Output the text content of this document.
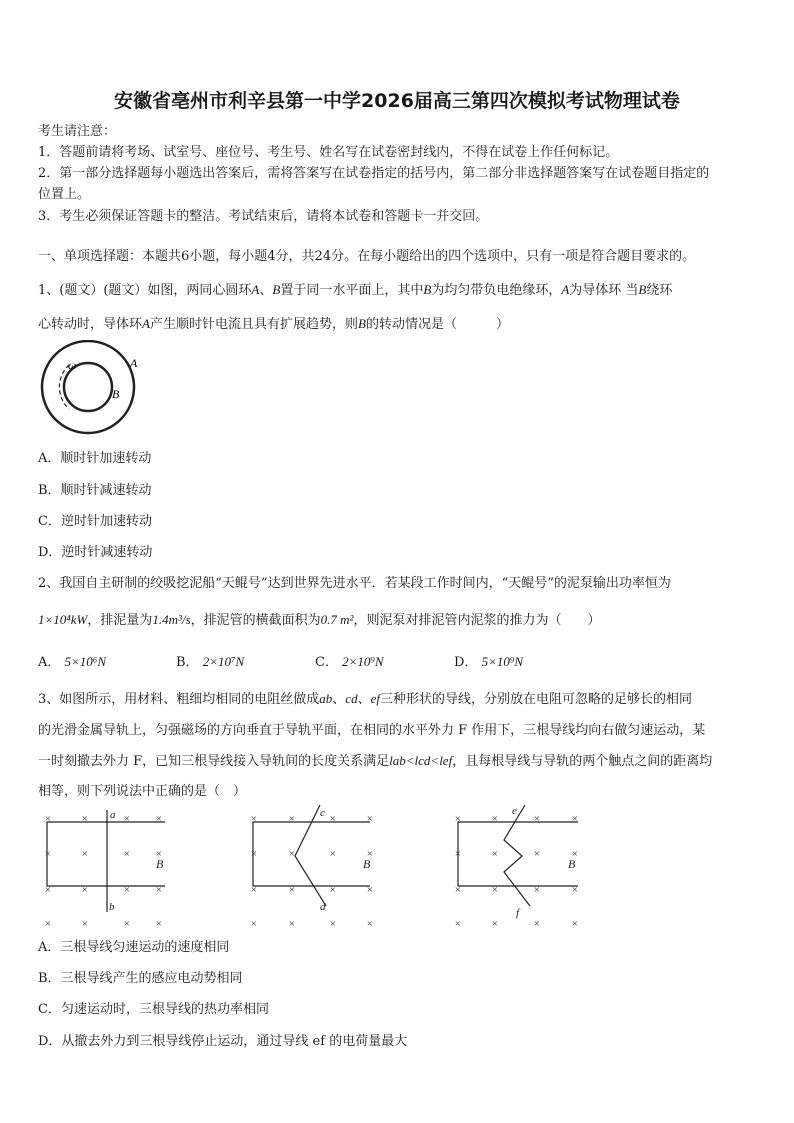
安徽省亳州市利辛县第一中学2026届高三第四次模拟考试物理试卷
考生请注意：
1．答题前请将考场、试室号、座位号、考生号、姓名写在试卷密封线内，不得在试卷上作任何标记。
2．第一部分选择题每小题选出答案后，需将答案写在试卷指定的括号内，第二部分非选择题答案写在试卷题目指定的
位置上。
3．考生必须保证答题卡的整洁。考试结束后，请将本试卷和答题卡一并交回。
一、单项选择题：本题共6小题，每小题4分，共24分。在每小题给出的四个选项中，只有一项是符合题目要求的。
1、(题文）(题文）如图，两同心圆环A、B置于同一水平面上，其中B为均匀带负电绝缘环，A为导体环 当B绕环
心转动时，导体环A产生顺时针电流且具有扩展趋势，则B的转动情况是（　　　）
ω	A
B
A．顺时针加速转动
B．顺时针减速转动
C．逆时针加速转动
D．逆时针减速转动
2、我国自主研制的绞吸挖泥船“天鲲号”达到世界先进水平．若某段工作时间内，“天鲲号”的泥泵输出功率恒为
1×10⁴kW，排泥量为1.4m³/s，排泥管的横截面积为0.7 m²，则泥泵对排泥管内泥浆的推力为（　　）
A． 5×10⁶N	B． 2×10⁷N	C． 2×10⁹N	D． 5×10⁹N
3、如图所示，用材料、粗细均相同的电阻丝做成ab、cd、ef三种形状的导线，分别放在电阻可忽略的足够长的相同
的光滑金属导轨上，匀强磁场的方向垂直于导轨平面，在相同的水平外力 F 作用下，三根导线均向右做匀速运动，某
一时刻撤去外力 F，已知三根导线接入导轨间的长度关系满足lab<lcd<lef，且每根导线与导轨的两个触点之间的距离均
相等，则下列说法中正确的是（　）
a
b
c
d
e
f
B	B	B
×
×
×
×
×
×
×
×
×
×
×
×
×
×
×
×
×
×
×
×
×
×
×
×
×
×
×
×
×
×
×
×
×
×
×
×
×
×
×
×
×
×
×
×
×
×
×
×
A．三根导线匀速运动的速度相同
B．三根导线产生的感应电动势相同
C．匀速运动时，三根导线的热功率相同
D．从撤去外力到三根导线停止运动，通过导线 ef 的电荷量最大
